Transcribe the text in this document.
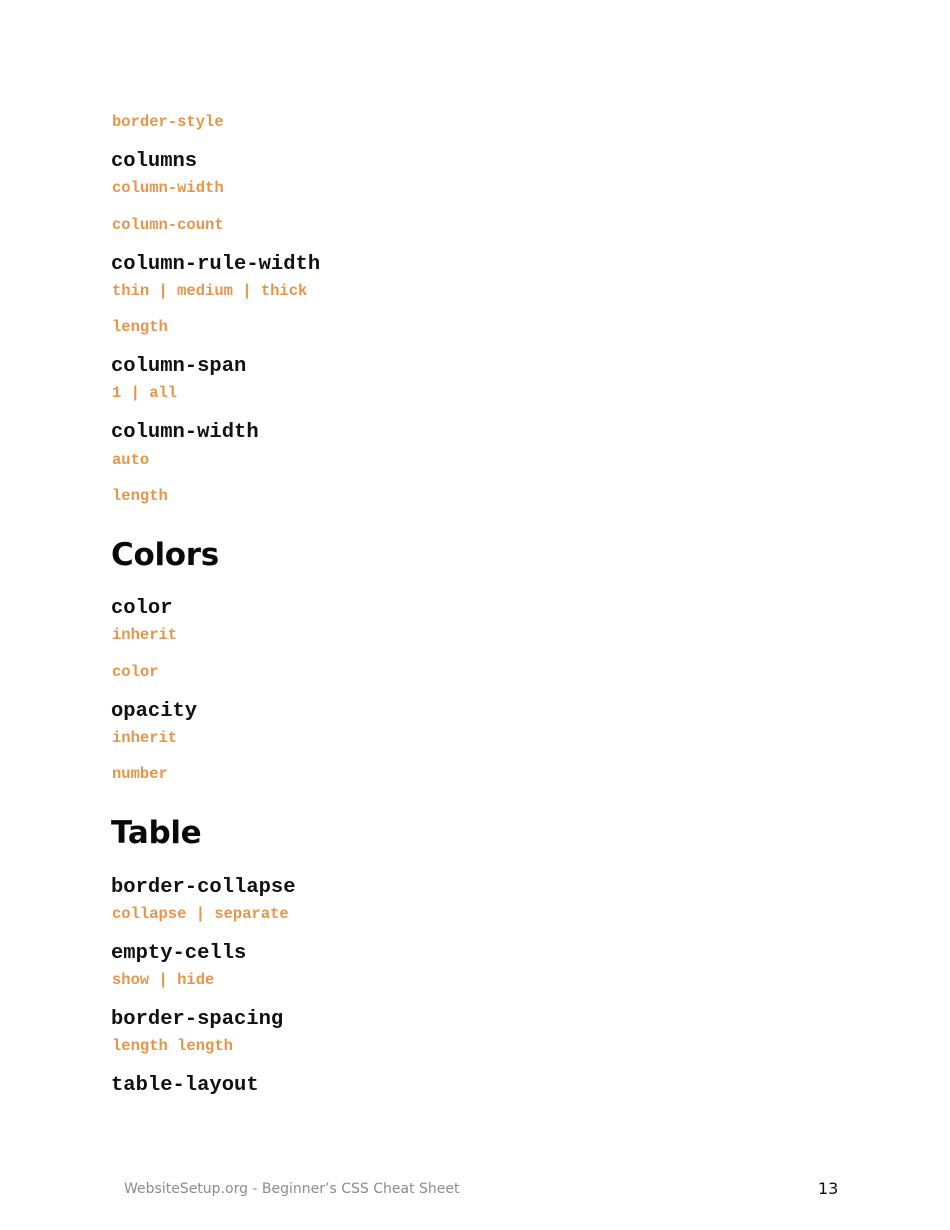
border-style

columns

column-width

column-count

column-rule-width

thin | medium | thick

length

column-span

1 | all

column-width

auto

length

Colors

color

inherit

color

opacity

inherit

number

Table

border-collapse

collapse | separate

empty-cells

show | hide

border-spacing

length length

table-layout

WebsiteSetup.org - Beginner’s CSS Cheat Sheet	13
